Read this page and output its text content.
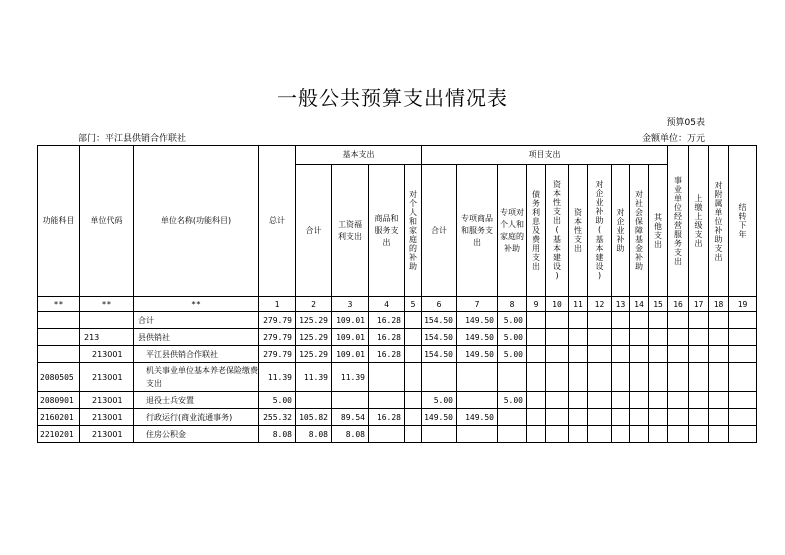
一般公共预算支出情况表
预算05表
部门：平江县供销合作联社	金额单位：万元
功能科目	单位代码	单位名称(功能科目)	总计	基本支出				项目支出										事业单位经营服务支出	上缴上级支出	对附属单位补助支出	结转下年

				合计	工资福利支出	商品和服务支出	对个人和家庭的补助	合计	专项商品和服务支出	专项对个人和家庭的补助	债务利息及费用支出	资本性支出(基本建设)	资本性支出	对企业补助(基本建设)	对企业补助	对社会保障基金补助	其他支出				

**	**	**	1	2	3	4	5	6	7	8	9	10	11	12	13	14	15	16	17	18	19
		合计	279.79	125.29	109.01	16.28		154.50	149.50	5.00											
	213	县供销社	279.79	125.29	109.01	16.28		154.50	149.50	5.00											
	213001	平江县供销合作联社	279.79	125.29	109.01	16.28		154.50	149.50	5.00											
2080505	213001	机关事业单位基本养老保险缴费支出	11.39	11.39	11.39																
2080901	213001	退役士兵安置	5.00					5.00		5.00											
2160201	213001	行政运行(商业流通事务)	255.32	105.82	89.54	16.28		149.50	149.50												
2210201	213001	住房公积金	8.08	8.08	8.08																
